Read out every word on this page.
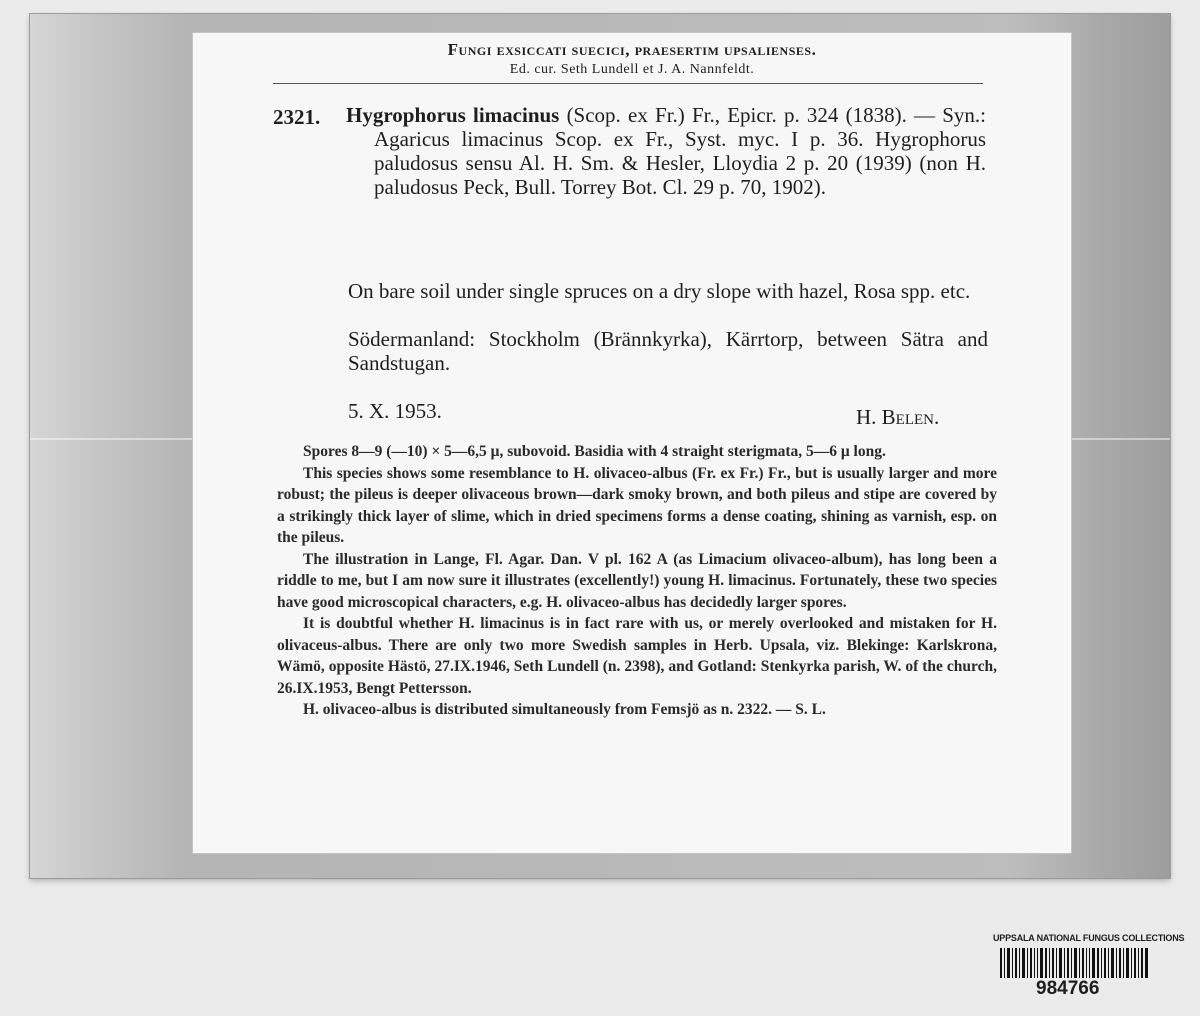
Fungi exsiccati suecici, praesertim upsalienses.
Ed. cur. Seth Lundell et J. A. Nannfeldt.
2321. Hygrophorus limacinus (Scop. ex Fr.) Fr., Epicr. p. 324 (1838). — Syn.: Agaricus limacinus Scop. ex Fr., Syst. myc. I p. 36. Hygrophorus paludosus sensu Al. H. Sm. & Hesler, Lloydia 2 p. 20 (1939) (non H. paludosus Peck, Bull. Torrey Bot. Cl. 29 p. 70, 1902).
On bare soil under single spruces on a dry slope with hazel, Rosa spp. etc.
Södermanland: Stockholm (Brännkyrka), Kärrtorp, between Sätra and Sandstugan.
5. X. 1953.	H. Bεlεν.

Spores 8—9 (—10) × 5—6,5 μ, subovoid. Basidia with 4 straight sterigmata, 5—6 μ long.

This species shows some resemblance to H. olivaceo-albus (Fr. ex Fr.) Fr., but is usually larger and more robust; the pileus is deeper olivaceous brown—dark smoky brown, and both pileus and stipe are covered by a strikingly thick layer of slime, which in dried specimens forms a dense coating, shining as varnish, esp. on the pileus.

The illustration in Lange, Fl. Agar. Dan. V pl. 162 A (as Limacium olivaceo-album), has long been a riddle to me, but I am now sure it illustrates (excellently!) young H. limacinus. Fortunately, these two species have good microscopical characters, e.g. H. olivaceo-albus has decidedly larger spores.

It is doubtful whether H. limacinus is in fact rare with us, or merely overlooked and mistaken for H. olivaceus-albus. There are only two more Swedish samples in Herb. Upsala, viz. Blekinge: Karlskrona, Wämö, opposite Hästö, 27.IX.1946, Seth Lundell (n. 2398), and Gotland: Stenkyrka parish, W. of the church, 26.IX.1953, Bengt Pettersson.

H. olivaceo-albus is distributed simultaneously from Femsjö as n. 2322. — S. L.

UPPSALA NATIONAL FUNGUS COLLECTIONS
984766
